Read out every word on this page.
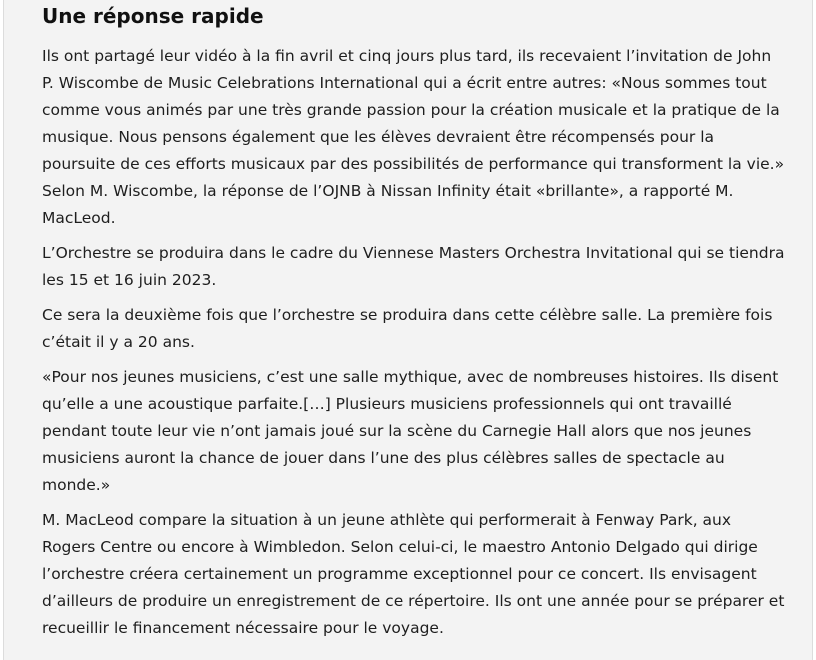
Une réponse rapide

Ils ont partagé leur vidéo à la fin avril et cinq jours plus tard, ils recevaient l’invitation de John P. Wiscombe de Music Celebrations International qui a écrit entre autres: «Nous sommes tout comme vous animés par une très grande passion pour la création musicale et la pratique de la musique. Nous pensons également que les élèves devraient être récompensés pour la poursuite de ces efforts musicaux par des possibilités de performance qui transforment la vie.» Selon M. Wiscombe, la réponse de l’OJNB à Nissan Infinity était «brillante», a rapporté M. MacLeod.

L’Orchestre se produira dans le cadre du Viennese Masters Orchestra Invitational qui se tiendra les 15 et 16 juin 2023.

Ce sera la deuxième fois que l’orchestre se produira dans cette célèbre salle. La première fois c’était il y a 20 ans.

«Pour nos jeunes musiciens, c’est une salle mythique, avec de nombreuses histoires. Ils disent qu’elle a une acoustique parfaite.[…] Plusieurs musiciens professionnels qui ont travaillé pendant toute leur vie n’ont jamais joué sur la scène du Carnegie Hall alors que nos jeunes musiciens auront la chance de jouer dans l’une des plus célèbres salles de spectacle au monde.»

M. MacLeod compare la situation à un jeune athlète qui performerait à Fenway Park, aux Rogers Centre ou encore à Wimbledon. Selon celui-ci, le maestro Antonio Delgado qui dirige l’orchestre créera certainement un programme exceptionnel pour ce concert. Ils envisagent d’ailleurs de produire un enregistrement de ce répertoire. Ils ont une année pour se préparer et recueillir le financement nécessaire pour le voyage.
